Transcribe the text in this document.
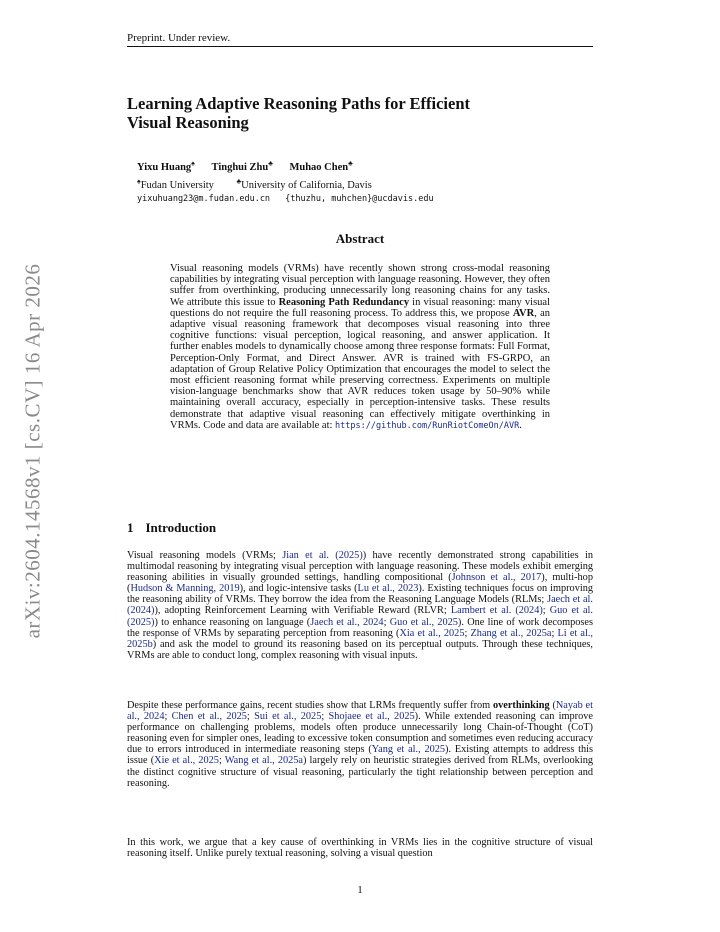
Preprint. Under review.
arXiv:2604.14568v1 [cs.CV] 16 Apr 2026
Learning Adaptive Reasoning Paths for Efficient
Visual Reasoning
Yixu Huang♠ Tinghui Zhu♣ Muhao Chen♣
♠Fudan University	♣University of California, Davis
yixuhuang23@m.fudan.edu.cn {thuzhu, muhchen}@ucdavis.edu
Abstract
Visual reasoning models (VRMs) have recently shown strong cross-modal reasoning capabilities by integrating visual perception with language reasoning. However, they often suffer from overthinking, producing unnecessarily long reasoning chains for any tasks. We attribute this issue to Reasoning Path Redundancy in visual reasoning: many visual questions do not require the full reasoning process. To address this, we propose AVR, an adaptive visual reasoning framework that decomposes visual reasoning into three cognitive functions: visual perception, logical reasoning, and answer application. It further enables models to dynamically choose among three response formats: Full Format, Perception-Only Format, and Direct Answer. AVR is trained with FS-GRPO, an adaptation of Group Relative Policy Optimization that encourages the model to select the most efficient reasoning format while preserving correctness. Experiments on multiple vision-language benchmarks show that AVR reduces token usage by 50–90% while maintaining overall accuracy, especially in perception-intensive tasks. These results demonstrate that adaptive visual reasoning can effectively mitigate overthinking in VRMs. Code and data are available at: https://github.com/RunRiotComeOn/AVR.
1 Introduction

Visual reasoning models (VRMs; Jian et al. (2025)) have recently demonstrated strong capabilities in multimodal reasoning by integrating visual perception with language reasoning. These models exhibit emerging reasoning abilities in visually grounded settings, handling compositional (Johnson et al., 2017), multi-hop (Hudson & Manning, 2019), and logic-intensive tasks (Lu et al., 2023). Existing techniques focus on improving the reasoning ability of VRMs. They borrow the idea from the Reasoning Language Models (RLMs; Jaech et al. (2024)), adopting Reinforcement Learning with Verifiable Reward (RLVR; Lambert et al. (2024); Guo et al. (2025)) to enhance reasoning on language (Jaech et al., 2024; Guo et al., 2025). One line of work decomposes the response of VRMs by separating perception from reasoning (Xia et al., 2025; Zhang et al., 2025a; Li et al., 2025b) and ask the model to ground its reasoning based on its perceptual outputs. Through these techniques, VRMs are able to conduct long, complex reasoning with visual inputs.

Despite these performance gains, recent studies show that LRMs frequently suffer from overthinking (Nayab et al., 2024; Chen et al., 2025; Sui et al., 2025; Shojaee et al., 2025). While extended reasoning can improve performance on challenging problems, models often produce unnecessarily long Chain-of-Thought (CoT) reasoning even for simpler ones, leading to excessive token consumption and sometimes even reducing accuracy due to errors introduced in intermediate reasoning steps (Yang et al., 2025). Existing attempts to address this issue (Xie et al., 2025; Wang et al., 2025a) largely rely on heuristic strategies derived from RLMs, overlooking the distinct cognitive structure of visual reasoning, particularly the tight relationship between perception and reasoning.

In this work, we argue that a key cause of overthinking in VRMs lies in the cognitive structure of visual reasoning itself. Unlike purely textual reasoning, solving a visual question

1
